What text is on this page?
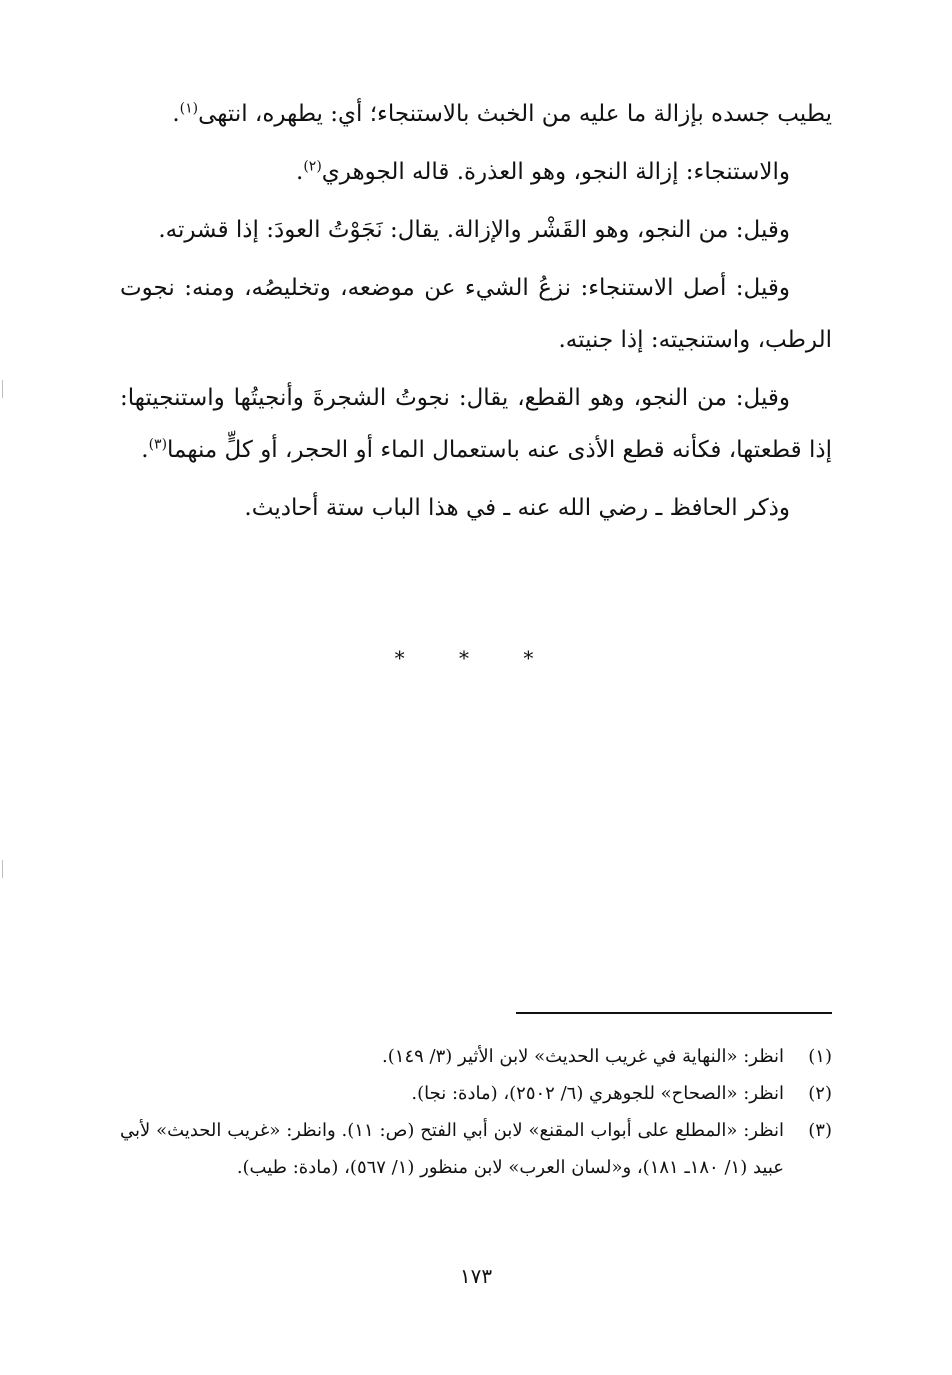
يطيب جسده بإزالة ما عليه من الخبث بالاستنجاء؛ أي: يطهره، انتهى$^{(١)}$.

والاستنجاء: إزالة النجو، وهو العذرة. قاله الجوهري$^{(٢)}$.

وقيل: من النجو، وهو القَشْر والإزالة. يقال: نَجَوْتُ العودَ: إذا قشرته.

وقيل: أصل الاستنجاء: نزعُ الشيء عن موضعه، وتخليصُه، ومنه: نجوت الرطب، واستنجيته: إذا جنيته.

وقيل: من النجو، وهو القطع، يقال: نجوتُ الشجرةَ وأنجيتُها واستنجيتها: إذا قطعتها، فكأنه قطع الأذى عنه باستعمال الماء أو الحجر، أو كلٍّ منهما$^{(٣)}$.

وذكر الحافظ ـ رضي الله عنه ـ في هذا الباب ستة أحاديث.

* * *
(١)
انظر: «النهاية في غريب الحديث» لابن الأثير (٣/ ١٤٩).
(٢)
انظر: «الصحاح» للجوهري (٦/ ٢٥٠٢)، (مادة: نجا).
(٣)
انظر: «المطلع على أبواب المقنع» لابن أبي الفتح (ص: ١١). وانظر: «غريب الحديث» لأبي عبيد (١/ ١٨٠ـ ١٨١)، و«لسان العرب» لابن منظور (١/ ٥٦٧)، (مادة: طيب).
١٧٣
